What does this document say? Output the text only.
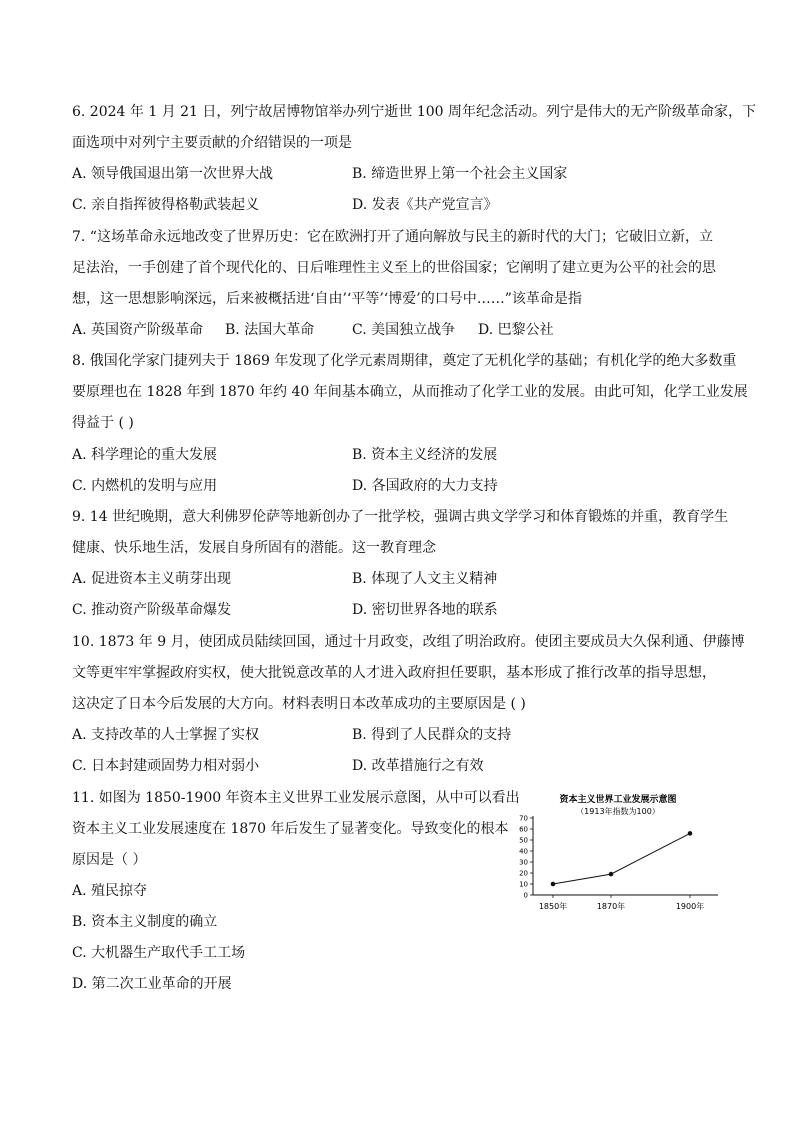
6. 2024 年 1 月 21 日，列宁故居博物馆举办列宁逝世 100 周年纪念活动。列宁是伟大的无产阶级革命家，下
面选项中对列宁主要贡献的介绍错误的一项是
A. 领导俄国退出第一次世界大战	B. 缔造世界上第一个社会主义国家
C. 亲自指挥彼得格勒武装起义	D. 发表《共产党宣言》
7. “这场革命永远地改变了世界历史：它在欧洲打开了通向解放与民主的新时代的大门；它破旧立新，立
足法治，一手创建了首个现代化的、日后唯理性主义至上的世俗国家；它阐明了建立更为公平的社会的思
想，这一思想影响深远，后来被概括进‘自由’‘平等’‘博爱’的口号中……”该革命是指
A. 英国资产阶级革命 B. 法国大革命	C. 美国独立战争 D. 巴黎公社
8. 俄国化学家门捷列夫于 1869 年发现了化学元素周期律，奠定了无机化学的基础；有机化学的绝大多数重
要原理也在 1828 年到 1870 年约 40 年间基本确立，从而推动了化学工业的发展。由此可知，化学工业发展
得益于 ( )
A. 科学理论的重大发展	B. 资本主义经济的发展
C. 内燃机的发明与应用	D. 各国政府的大力支持
9. 14 世纪晚期，意大利佛罗伦萨等地新创办了一批学校，强调古典文学学习和体育锻炼的并重，教育学生
健康、快乐地生活，发展自身所固有的潜能。这一教育理念
A. 促进资本主义萌芽出现	B. 体现了人文主义精神
C. 推动资产阶级革命爆发	D. 密切世界各地的联系
10. 1873 年 9 月，使团成员陆续回国，通过十月政变，改组了明治政府。使团主要成员大久保利通、伊藤博
文等更牢牢掌握政府实权，使大批锐意改革的人才进入政府担任要职，基本形成了推行改革的指导思想，
这决定了日本今后发展的大方向。材料表明日本改革成功的主要原因是 ( )
A. 支持改革的人士掌握了实权	B. 得到了人民群众的支持
C. 日本封建顽固势力相对弱小	D. 改革措施行之有效
11. 如图为 1850-1900 年资本主义世界工业发展示意图，从中可以看出
资本主义工业发展速度在 1870 年后发生了显著变化。导致变化的根本
原因是（ ）
A. 殖民掠夺
B. 资本主义制度的确立
C. 大机器生产取代手工工场
D. 第二次工业革命的开展
资本主义世界工业发展示意图
（1913年指数为100）
0
10
20
30
40
50
60
70
1850年	1870年	1900年
